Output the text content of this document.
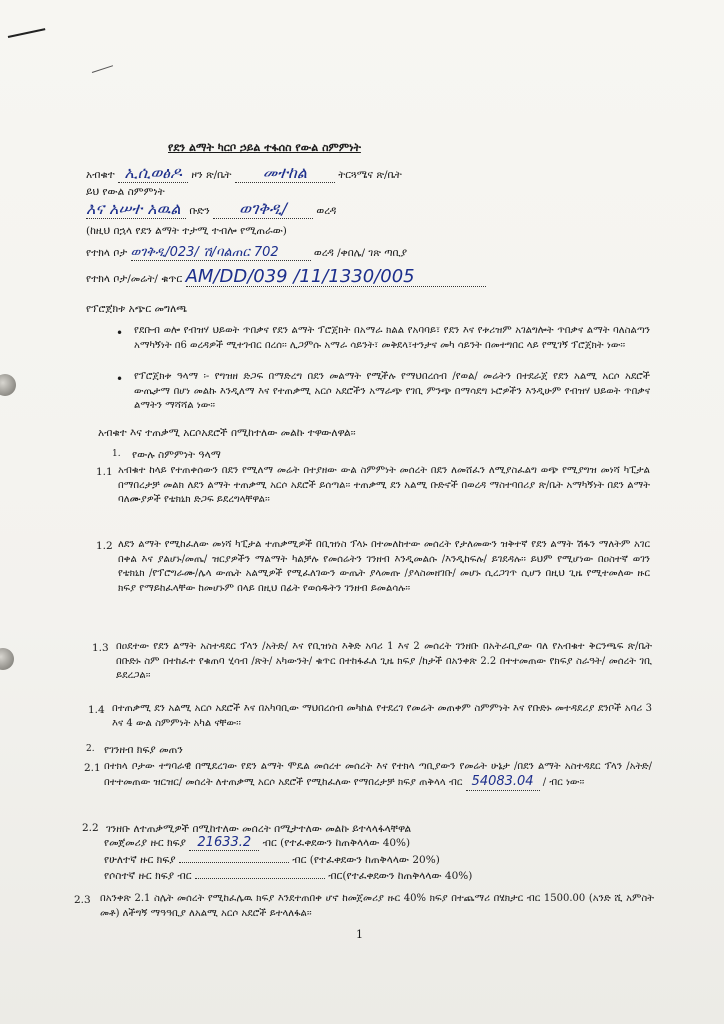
የደን ልማት ካርቦ ኃይል ተፋሰስ የውል ስምምነት
አብቁተ ኢሲወፅዶ ዞን ጽ/ቤት መተከል	ትርጓሜና ጽ/ቤት
ይህ የውል ስምምነት
እና አሠተ አዉል ቡድን ወገቅዲ/	ወረዳ
(ከዚህ በኋላ የደን ልማት ተታሚ ተብሎ የሚጠራው)
የተክላ ቦታ ወገቅዲ/023/ ሽ/ባልጠር 702	ወረዳ /ቀበሌ/ ገጽ ጣቢያ
የተክላ ቦታ/መሬት/ ቁጥር AM/DD/039 /11/1330/005
የፕሮጀክቱ አጭር መግለጫ
• የደቡብ ወሎ የብዝሃ ህይወት ጥበቃና የደን ልማት ፕሮጀክት በአማራ ክልል የአባባይ፣ የደን እና የቱሪዝም አገልግሎት ጥበቃና ልማት ባለስልጣን አማካኝነት በ6 ወረዳዎች ሚተገብር በረሰ፡፡ ሊጋምሱ አማራ ሳይንት፣ መቅደላ፣ተንታና መካ ሳይንት በመተግበር ላይ የሚገኝ ፕሮጀክት ነው፡፡

• የፕሮጀክቱ ዓላማ ፡- የግዝዘ ድጋፍ በማድረግ በደን መልማት የሚችሉ የማህበረሰብ /የወል/ መሬትን በተደራጀ የደን አልሚ አርሶ አደሮች ውጤታማ በሆነ መልኩ እንዲለማ እና የተጠቃሚ አርሶ አደሮችን አማራጭ የገቢ ምንጭ በማሳደግ ኑሮዎችን እንዲሁም የብዝሃ ህይወት ጥበቃና ልማትን ማሻሻል ነው፡፡

አብቁተ እና ተጠቃሚ አርሶአደሮች በሚከተለው መልኩ ተዋውለዋል፡፡
1. የውሉ ስምምነት ዓላማ
1.1 አብቁተ ከላይ የተጠቀሰውን በደን የሚለማ መሬት በተያዘው ውል ስምምነት መሰረት በደን ለመሸፈን ለሚያስፈልግ ወጭ የሚያግዝ መነሻ ካፒታል በማበረታቻ መልክ ለደን ልማት ተጠቃሚ አርሶ አደሮች ይሰጣል፡፡ ተጠቃሚ ደን አልሚ ቡድኖች በወረዳ ማስተባበሪያ ጽ/ቤት አማካኝነት በደን ልማት ባለሙያዎች የቴክኒክ ድጋፍ ይደረግላቸዋል፡፡

1.2 ለደን ልማት የሚከፈለው መነሻ ካፒታል ተጠቃሚዎች በቢዝነስ ፕላኑ በተመለከተው መሰረት የታለመውን ዝቅተኛ የደን ልማት ሽፋን ማለትም አገር በቀል እና ያልሆኑ/መጤ/ ዝርያዎችን ማልማት ካልቻሉ የመሰሬትን ገንዘብ እንዲመልሱ /እንዲከፍሉ/ ይገደዳሉ፡፡ ይህም የሚሆነው በዐስተኛ ወገን የቴክኒክ /የፕሮግራሙ/ሌላ ውጤት አልሚዎች የሚፈለገውን ውጤት ያላመጡ /ያላስመዘገቡ/ መሆኑ ሲረጋገጥ ሲሆን በዚህ ጊዜ የሚተመለው ዙር ክፍያ የማይከፈላቸው ከመሆኑም በላይ በዚህ በፊት የወሰዱትን ገንዘብ ይመልሳሉ፡፡

1.3 በዐደተው የደን ልማት አስተዳደር ፕላን /አትድ/ እና የቢዝነስ እቅድ አባሪ 1 እና 2 መሰረት ገንዘቡ በአትራቢያው ባለ የአብቁተ ቅርንጫፍ ጽ/ቤት በቡድኑ ስም በተከፈተ የቁጠባ ሂሳብ /ጽት/ አካውንት/ ቁጥር በተከፋፈለ ጊዜ ክፍያ /ከታች በአንቀጽ 2.2 በተተመጠው የክፍያ ስራዓት/ መሰረት ገቢ ይደረጋል፡፡

1.4 በተጠቃሚ ደን አልሚ አርሶ አደሮች እና በአካባቢው ማህበረሰብ መካከል የተደረገ የመሬት መጠቀም ስምምነት እና የቡድኑ መተዳደሪያ ደንቦች አባሪ 3 እና 4 ውል ስምምነት አካል ናቸው፡፡

2. የገንዘብ ክፍያ መጠን
2.1 በተክላ ቦታው ተግባራዊ በሚደረገው የደን ልማት ሞዴል መሰረተ መሰረት እና የተክላ ጣቢያውን የመሬት ሁኔታ /በደን ልማት አስተዳደር ፕላን /አትድ/ በተተመጠው ዝርዝር/ መሰረት ለተጠቃሚ አርሶ አደሮች የሚከፈለው የማበረታቻ ክፍያ ጠቅላላ ብር 54083.04 / ብር ነው፡፡
2.2 ገንዘቡ ለተጠቃሚዎች በሚከተለው መሰረት በሚታተለው መልኩ ይተላላፋላቸዋል
የመጀመሪያ ዙር ክፍያ 21633.2 ብር (የተፈቀደውን ከጠቅላላው 40%)
የሁለተኛ ዙር ክፍያ	ብር (የተፈቀደውን ከጠቅላላው 20%)
የሶስተኛ ዙር ክፍያ ብር	ብር(የተፈቀደውን ከጠቅላላው 40%)
2.3 በአንቀጽ 2.1 ስሌት መሰረት የሚከፈሌዉ ክፍያ እንደተጠበቀ ሆኖ ከመጀመሪያ ዙር 40% ክፍያ በተጨማሪ በሄክታር ብር 1500.00 (አንድ ሺ አምስት መቶ) ለችግኝ ማዓዓቢያ ለአልሚ አርሶ አደሮች ይተላለፋል፡፡

1
